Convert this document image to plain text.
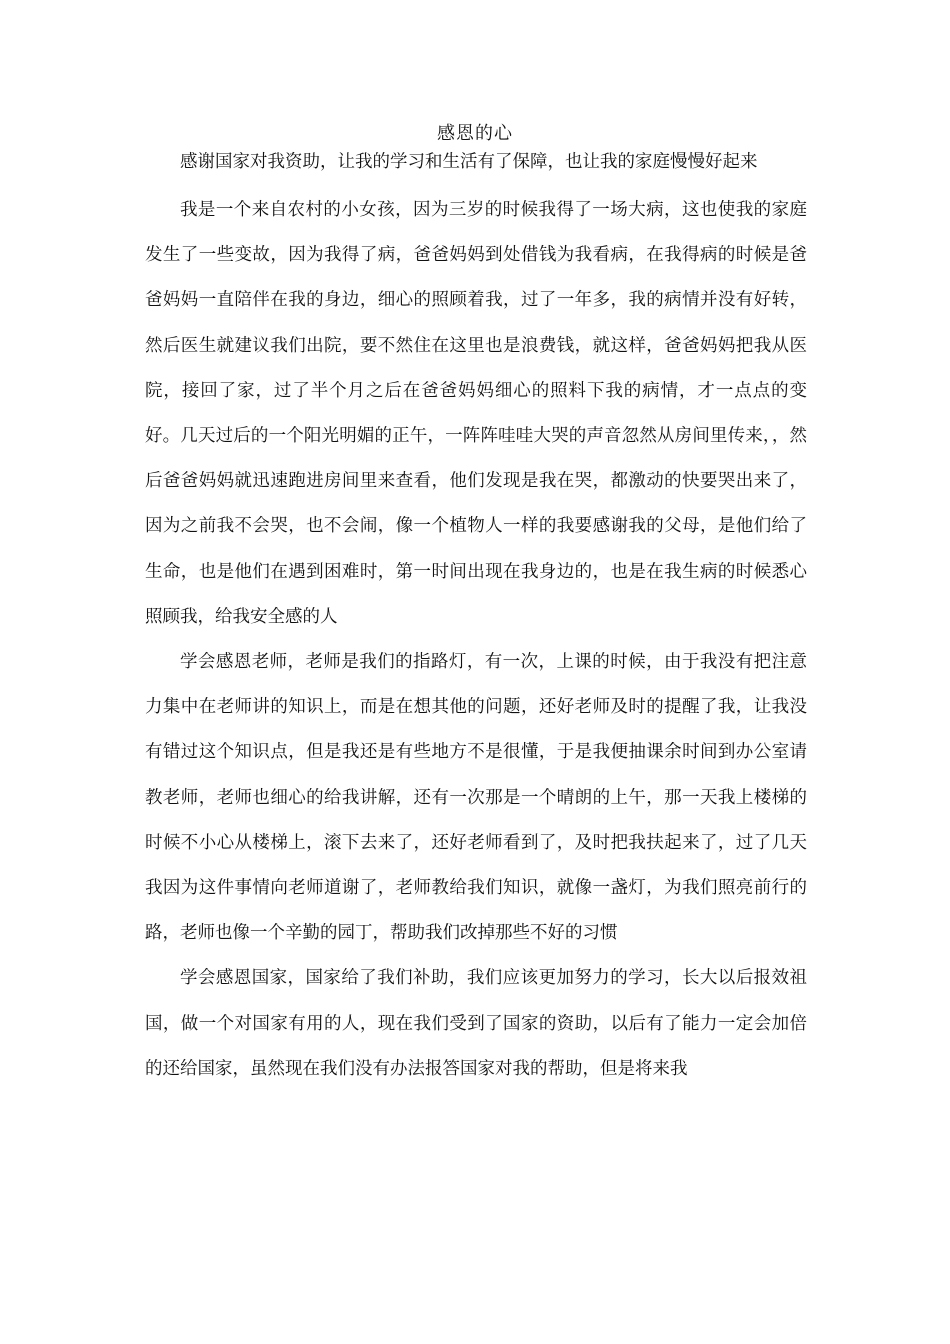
感恩的心
感谢国家对我资助，让我的学习和生活有了保障，也让我的家庭慢慢好起来

我是一个来自农村的小女孩，因为三岁的时候我得了一场大病，这也使我的家庭发生了一些变故，因为我得了病，爸爸妈妈到处借钱为我看病，在我得病的时候是爸爸妈妈一直陪伴在我的身边，细心的照顾着我，过了一年多，我的病情并没有好转，然后医生就建议我们出院，要不然住在这里也是浪费钱，就这样，爸爸妈妈把我从医院，接回了家，过了半个月之后在爸爸妈妈细心的照料下我的病情，才一点点的变好。几天过后的一个阳光明媚的正午，一阵阵哇哇大哭的声音忽然从房间里传来，，然后爸爸妈妈就迅速跑进房间里来查看，他们发现是我在哭，都激动的快要哭出来了，因为之前我不会哭，也不会闹，像一个植物人一样的我要感谢我的父母，是他们给了生命，也是他们在遇到困难时，第一时间出现在我身边的，也是在我生病的时候悉心照顾我，给我安全感的人

学会感恩老师，老师是我们的指路灯，有一次，上课的时候，由于我没有把注意力集中在老师讲的知识上，而是在想其他的问题，还好老师及时的提醒了我，让我没有错过这个知识点，但是我还是有些地方不是很懂，于是我便抽课余时间到办公室请教老师，老师也细心的给我讲解，还有一次那是一个晴朗的上午，那一天我上楼梯的时候不小心从楼梯上，滚下去来了，还好老师看到了，及时把我扶起来了，过了几天我因为这件事情向老师道谢了，老师教给我们知识，就像一盏灯，为我们照亮前行的路，老师也像一个辛勤的园丁，帮助我们改掉那些不好的习惯

学会感恩国家，国家给了我们补助，我们应该更加努力的学习，长大以后报效祖国，做一个对国家有用的人，现在我们受到了国家的资助，以后有了能力一定会加倍的还给国家，虽然现在我们没有办法报答国家对我的帮助，但是将来我
